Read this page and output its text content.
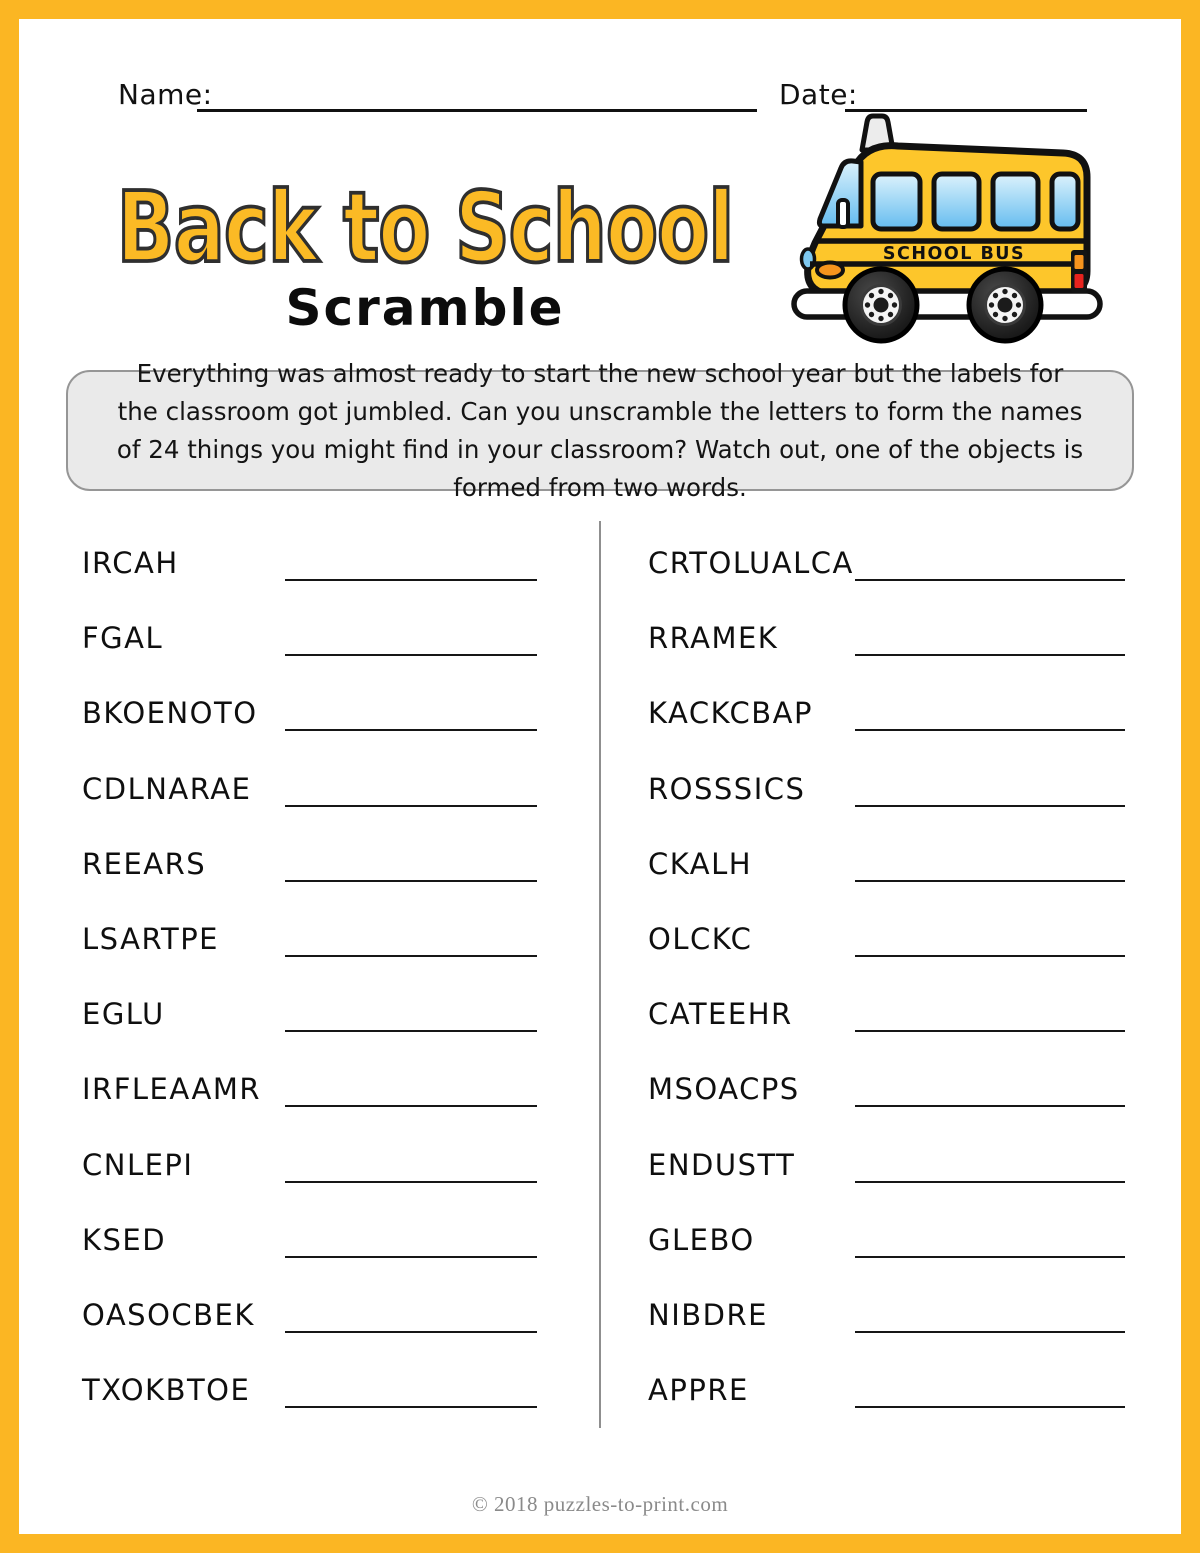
Name:	Date:
Back to School
Scramble
SCHOOL BUS

Everything was almost ready to start the new school year but the labels for the classroom got jumbled. Can you unscramble the letters to form the names of 24 things you might find in your classroom? Watch out, one of the objects is formed from two words.

IRCAH
FGAL
BKOENOTO
CDLNARAE
REEARS
LSARTPE
EGLU
IRFLEAAMR
CNLEPI
KSED
OASOCBEK
TXOKBTOE
CRTOLUALCA
RRAMEK
KACKCBAP
ROSSSICS
CKALH
OLCKC
CATEEHR
MSOACPS
ENDUSTT
GLEBO
NIBDRE
APPRE

© 2018 puzzles-to-print.com
